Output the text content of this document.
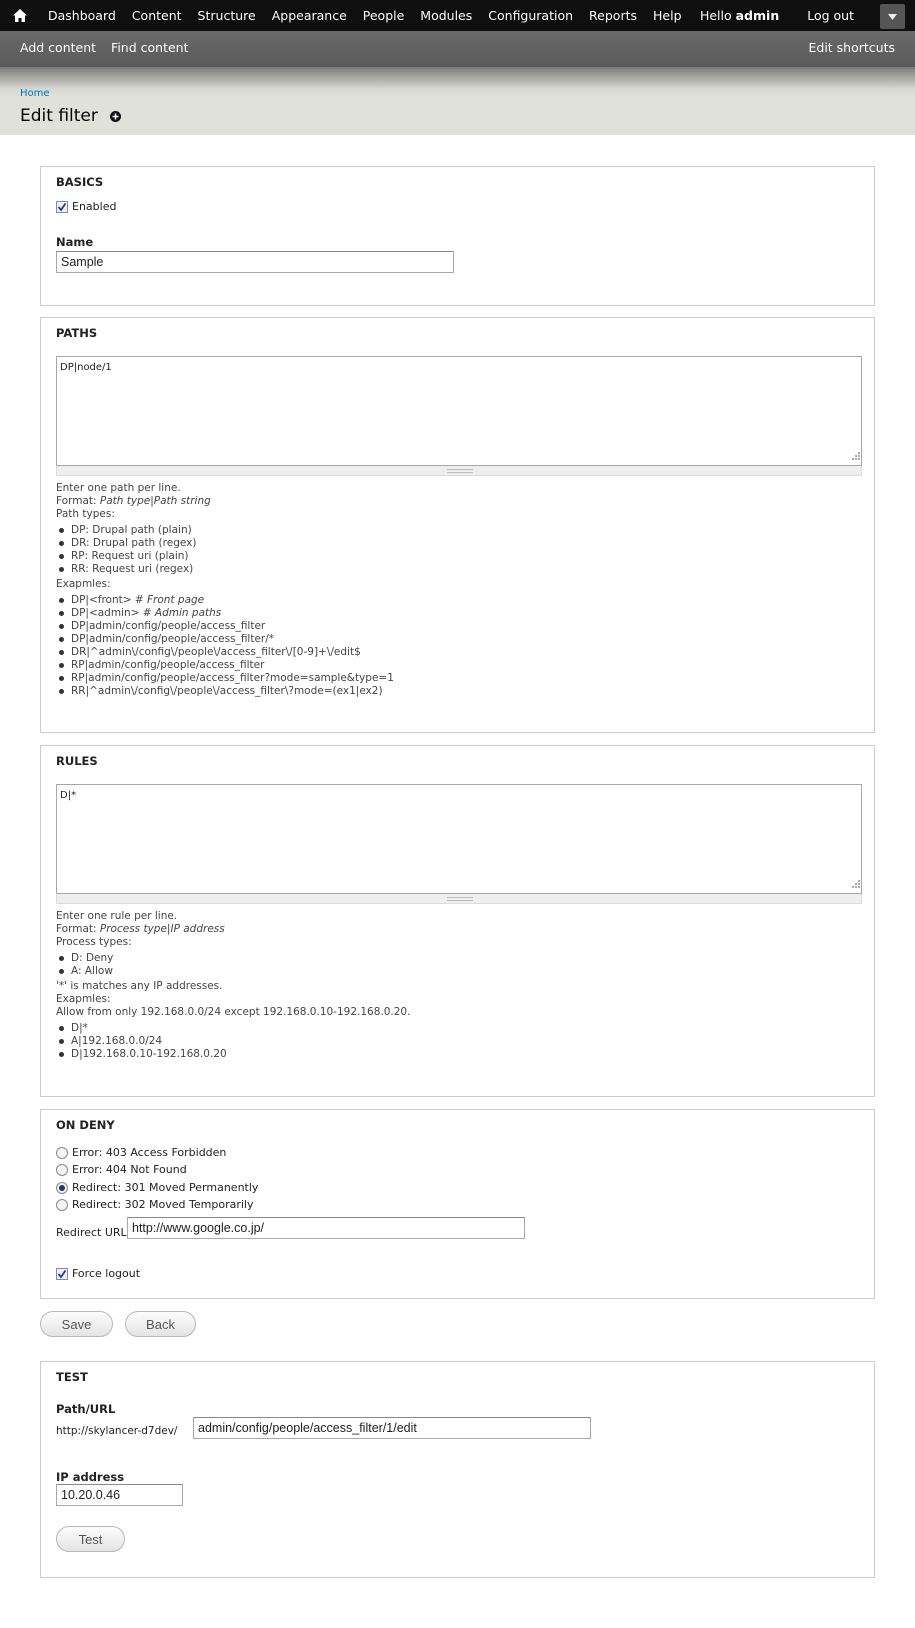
Dashboard	Content	Structure	Appearance	People	Modules	Configuration	Reports	Help	Hello admin Log out
Add content Find content	Edit shortcuts
Home
Edit filter
BASICS
Enabled
Name
Sample
PATHS
DP|node/1
Enter one path per line.
Format: Path type|Path string
Path types:
DP: Drupal path (plain)
DR: Drupal path (regex)
RP: Request uri (plain)
RR: Request uri (regex)
Exapmles:
DP|<front> # Front page
DP|<admin> # Admin paths
DP|admin/config/people/access_filter
DP|admin/config/people/access_filter/*
DR|^admin\/config\/people\/access_filter\/[0-9]+\/edit$
RP|admin/config/people/access_filter
RP|admin/config/people/access_filter?mode=sample&type=1
RR|^admin\/config\/people\/access_filter\?mode=(ex1|ex2)
RULES
D|*
Enter one rule per line.
Format: Process type|IP address
Process types:
D: Deny
A: Allow
'*' is matches any IP addresses.
Exapmles:
Allow from only 192.168.0.0/24 except 192.168.0.10-192.168.0.20.
D|*
A|192.168.0.0/24
D|192.168.0.10-192.168.0.20
ON DENY
Error: 403 Access Forbidden
Error: 404 Not Found
Redirect: 301 Moved Permanently
Redirect: 302 Moved Temporarily
Redirect URL http://www.google.co.jp/
Force logout
Save	Back
TEST
Path/URL
http://skylancer-d7dev/	admin/config/people/access_filter/1/edit
IP address
10.20.0.46
Test
